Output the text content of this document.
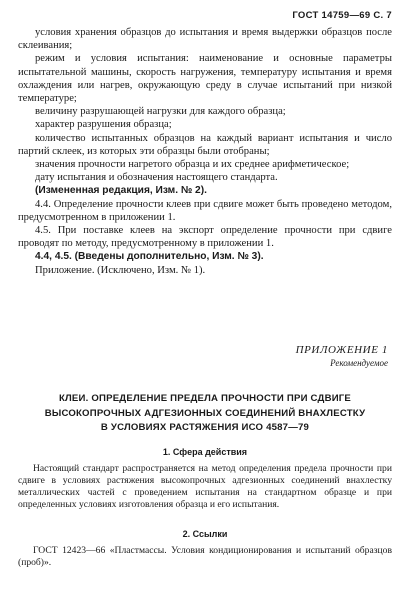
ГОСТ 14759—69 С. 7

условия хранения образцов до испытания и время выдержки образцов после склеивания;

режим и условия испытания: наименование и основные параметры испытательной машины, скорость нагружения, температуру испытания и время охлаждения или нагрев, окружающую среду в случае испытаний при низкой температуре;

величину разрушающей нагрузки для каждого образца;

характер разрушения образца;

количество испытанных образцов на каждый вариант испытания и число партий склеек, из которых эти образцы были отобраны;

значения прочности нагретого образца и их среднее арифметическое;

дату испытания и обозначения настоящего стандарта.

(Измененная редакция, Изм. № 2).

4.4. Определение прочности клеев при сдвиге может быть проведено методом, предусмотренном в приложении 1.

4.5. При поставке клеев на экспорт определение прочности при сдвиге проводят по методу, предусмотренному в приложении 1.

4.4, 4.5. (Введены дополнительно, Изм. № 3).

Приложение. (Исключено, Изм. № 1).

ПРИЛОЖЕНИЕ 1
Рекомендуемое
КЛЕИ. ОПРЕДЕЛЕНИЕ ПРЕДЕЛА ПРОЧНОСТИ ПРИ СДВИГЕ
ВЫСОКОПРОЧНЫХ АДГЕЗИОННЫХ СОЕДИНЕНИЙ ВНАХЛЕСТКУ
В УСЛОВИЯХ РАСТЯЖЕНИЯ ИСО 4587—79
1. Сфера действия

Настоящий стандарт распространяется на метод определения предела прочности при сдвиге в условиях растяжения высокопрочных адгезионных соединений внахлестку металлических частей с проведением испытания на стандартном образце и при определенных условиях изготовления образца и его испытания.

2. Ссылки

ГОСТ 12423—66 «Пластмассы. Условия кондиционирования и испытаний образцов (проб)».
